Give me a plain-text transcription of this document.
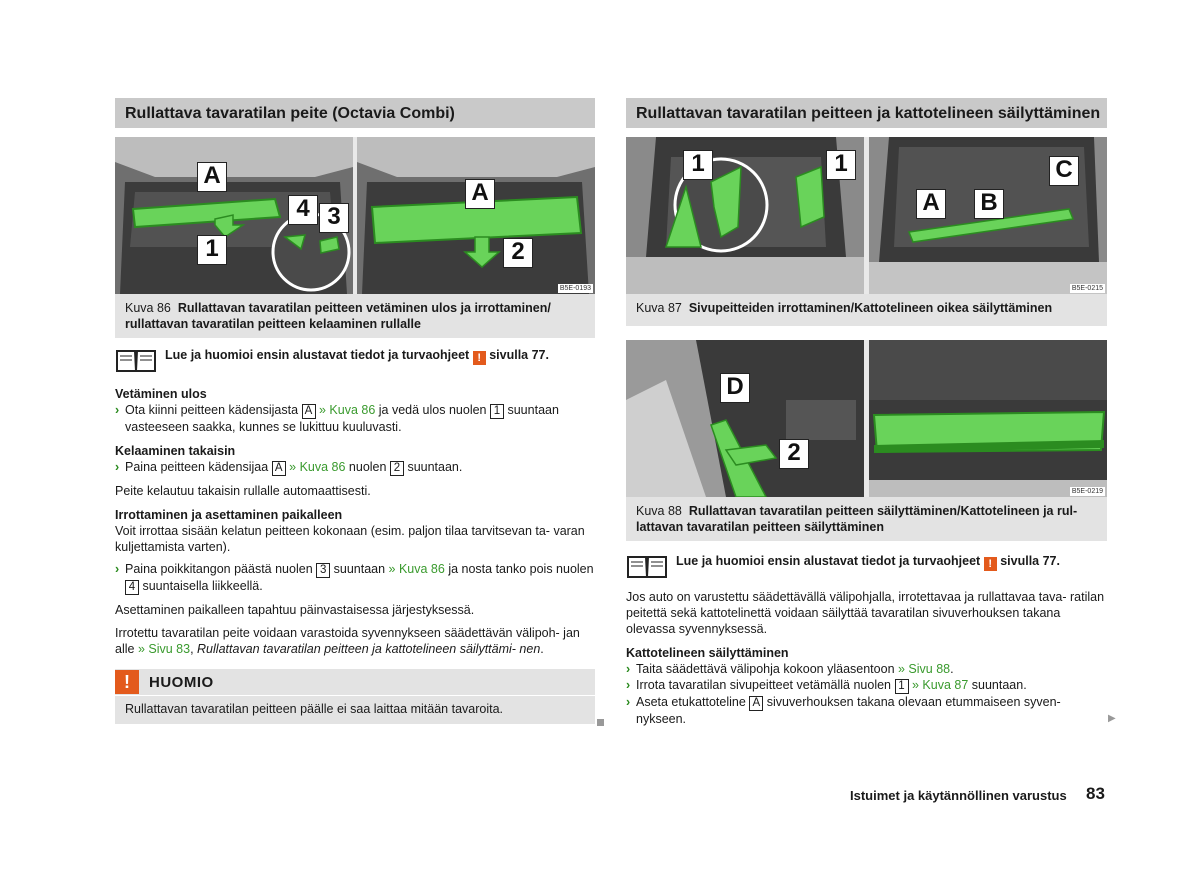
Rullattava tavaratilan peite (Octavia Combi)
A
4 3
1
A
2
B5E-0193
Kuva 86 Rullattavan tavaratilan peitteen vetäminen ulos ja irrottaminen/ rullattavan tavaratilan peitteen kelaaminen rullalle
Lue ja huomioi ensin alustavat tiedot ja turvaohjeet ! sivulla 77.
Vetäminen ulos
› Ota kiinni peitteen kädensijasta A » Kuva 86 ja vedä ulos nuolen 1 suuntaan vasteeseen saakka, kunnes se lukittuu kuuluvasti.
Kelaaminen takaisin
› Paina peitteen kädensijaa A » Kuva 86 nuolen 2 suuntaan.
Peite kelautuu takaisin rullalle automaattisesti.
Irrottaminen ja asettaminen paikalleen
Voit irrottaa sisään kelatun peitteen kokonaan (esim. paljon tilaa tarvitsevan ta- varan kuljettamista varten).
› Paina poikkitangon päästä nuolen 3 suuntaan » Kuva 86 ja nosta tanko pois nuolen 4 suuntaisella liikkeellä.
Asettaminen paikalleen tapahtuu päinvastaisessa järjestyksessä.
Irrotettu tavaratilan peite voidaan varastoida syvennykseen säädettävän välipoh- jan alle » Sivu 83, Rullattavan tavaratilan peitteen ja kattotelineen säilyttämi- nen.
!	HUOMIO
Rullattavan tavaratilan peitteen päälle ei saa laittaa mitään tavaroita.
Rullattavan tavaratilan peitteen ja kattotelineen säilyttäminen
1	1	C
A B
B5E-0215
Kuva 87 Sivupeitteiden irrottaminen/Kattotelineen oikea säilyttäminen
D
2
B5E-0219
Kuva 88 Rullattavan tavaratilan peitteen säilyttäminen/Kattotelineen ja rul- lattavan tavaratilan peitteen säilyttäminen
Lue ja huomioi ensin alustavat tiedot ja turvaohjeet ! sivulla 77.
Jos auto on varustettu säädettävällä välipohjalla, irrotettavaa ja rullattavaa tava- ratilan peitettä sekä kattotelinettä voidaan säilyttää tavaratilan sivuverhouksen takana olevassa syvennyksessä.
Kattotelineen säilyttäminen
› Taita säädettävä välipohja kokoon yläasentoon » Sivu 88.
› Irrota tavaratilan sivupeitteet vetämällä nuolen 1 » Kuva 87 suuntaan.
› Aseta etukattoteline A sivuverhouksen takana olevaan etummaiseen syven- nykseen.	▶
Istuimet ja käytännöllinen varustus 83
